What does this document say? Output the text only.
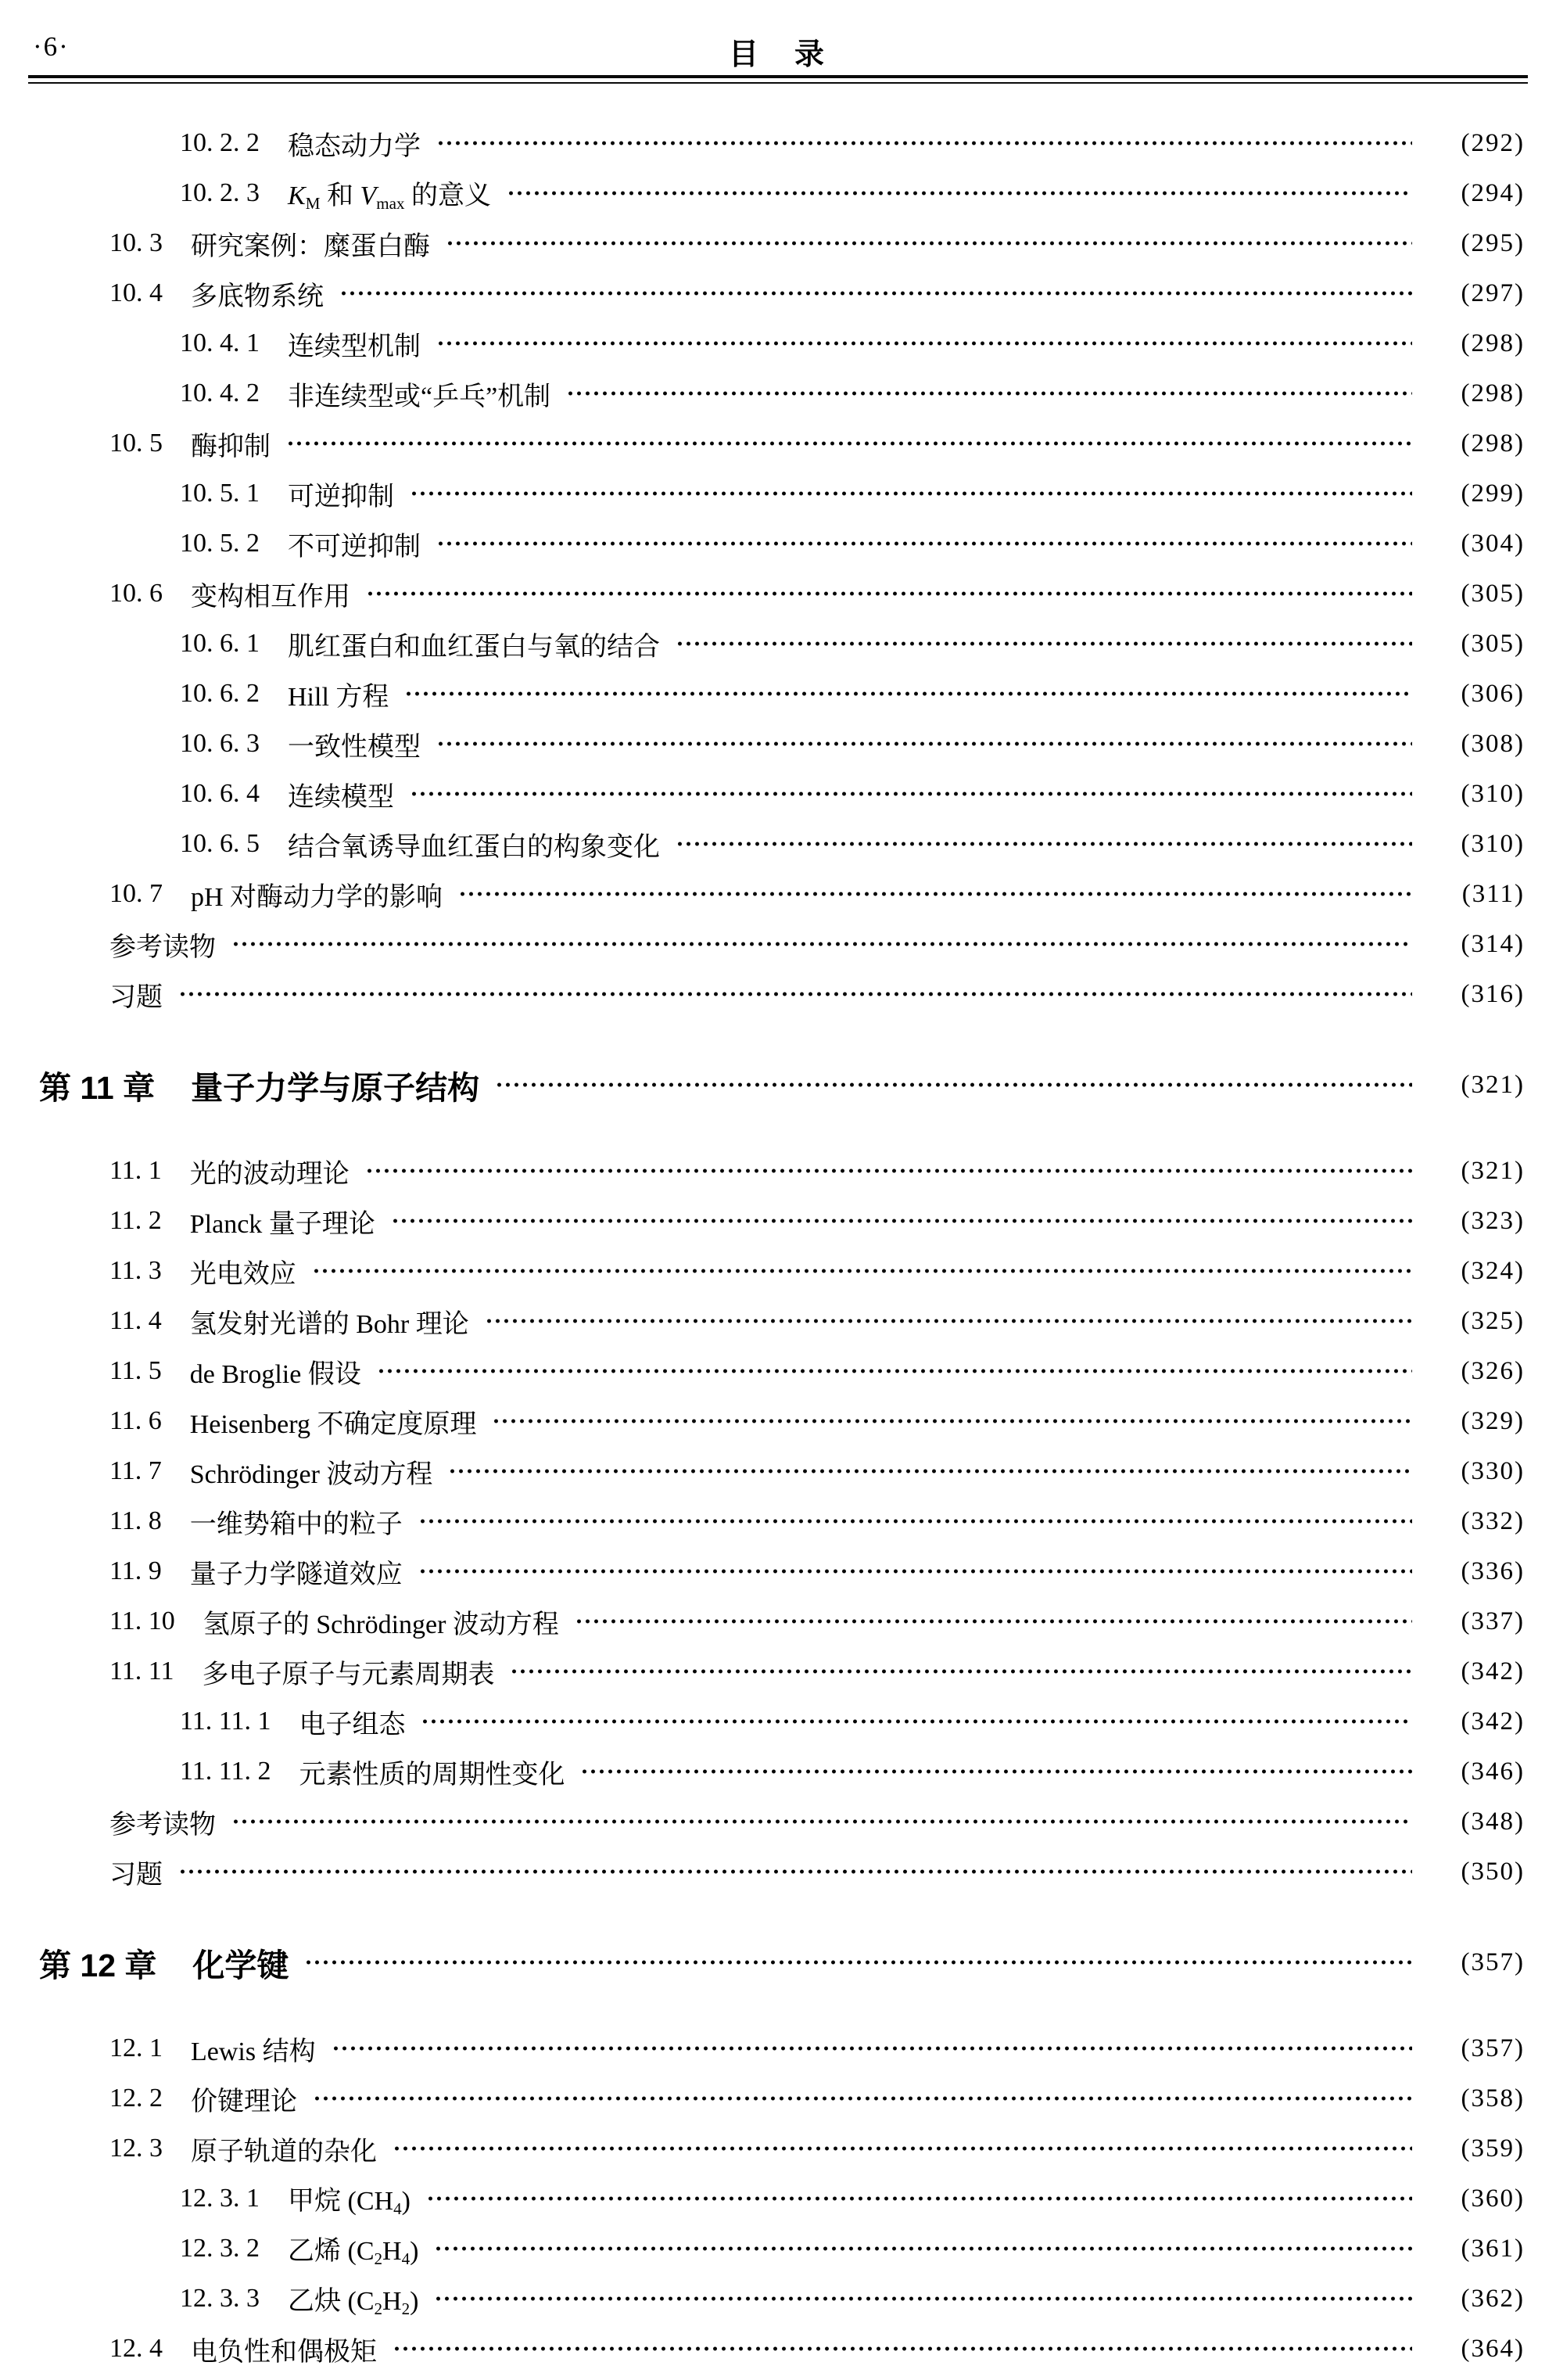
·6·	目　录
10. 2. 2 稳态动力学	(292)
10. 2. 3 KM 和 Vmax 的意义	(294)
10. 3 研究案例：糜蛋白酶	(295)
10. 4 多底物系统	(297)
10. 4. 1 连续型机制	(298)
10. 4. 2 非连续型或“乒乓”机制	(298)
10. 5 酶抑制	(298)
10. 5. 1 可逆抑制	(299)
10. 5. 2 不可逆抑制	(304)
10. 6 变构相互作用	(305)
10. 6. 1 肌红蛋白和血红蛋白与氧的结合	(305)
10. 6. 2 Hill 方程	(306)
10. 6. 3 一致性模型	(308)
10. 6. 4 连续模型	(310)
10. 6. 5 结合氧诱导血红蛋白的构象变化	(310)
10. 7 pH 对酶动力学的影响	(311)
参考读物	(314)
习题	(316)
第 11 章 量子力学与原子结构	(321)
11. 1 光的波动理论	(321)
11. 2 Planck 量子理论	(323)
11. 3 光电效应	(324)
11. 4 氢发射光谱的 Bohr 理论	(325)
11. 5 de Broglie 假设	(326)
11. 6 Heisenberg 不确定度原理	(329)
11. 7 Schrödinger 波动方程	(330)
11. 8 一维势箱中的粒子	(332)
11. 9 量子力学隧道效应	(336)
11. 10 氢原子的 Schrödinger 波动方程	(337)
11. 11 多电子原子与元素周期表	(342)
11. 11. 1 电子组态	(342)
11. 11. 2 元素性质的周期性变化	(346)
参考读物	(348)
习题	(350)
第 12 章 化学键	(357)
12. 1 Lewis 结构	(357)
12. 2 价键理论	(358)
12. 3 原子轨道的杂化	(359)
12. 3. 1 甲烷 (CH4)	(360)
12. 3. 2 乙烯 (C2H4)	(361)
12. 3. 3 乙炔 (C2H2)	(362)
12. 4 电负性和偶极矩	(364)
